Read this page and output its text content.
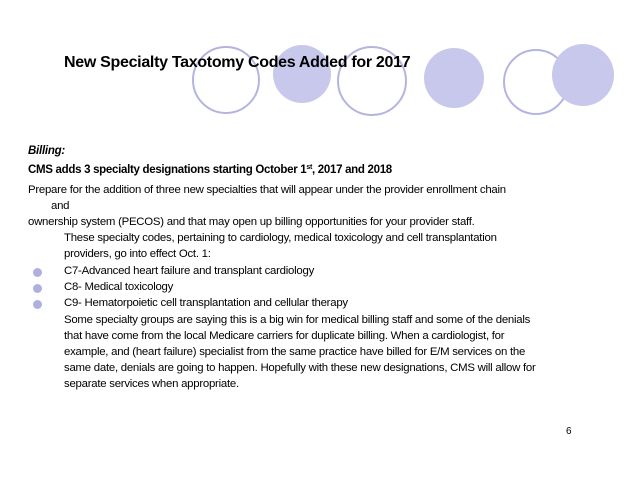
New Specialty Taxotomy Codes Added for 2017
Billing:
CMS adds 3 specialty designations starting October 1st, 2017 and 2018
Prepare for the addition of three new specialties that will appear under the provider enrollment chain
and
ownership system (PECOS) and that may open up billing opportunities for your provider staff.
These specialty codes, pertaining to cardiology, medical toxicology and cell transplantation
providers, go into effect Oct. 1:
C7-Advanced heart failure and transplant cardiology
C8- Medical toxicology
C9- Hematorpoietic cell transplantation and cellular therapy
Some specialty groups are saying this is a big win for medical billing staff and some of the denials
that have come from the local Medicare carriers for duplicate billing. When a cardiologist, for
example, and (heart failure) specialist from the same practice have billed for E/M services on the
same date, denials are going to happen. Hopefully with these new designations, CMS will allow for
separate services when appropriate.
6
